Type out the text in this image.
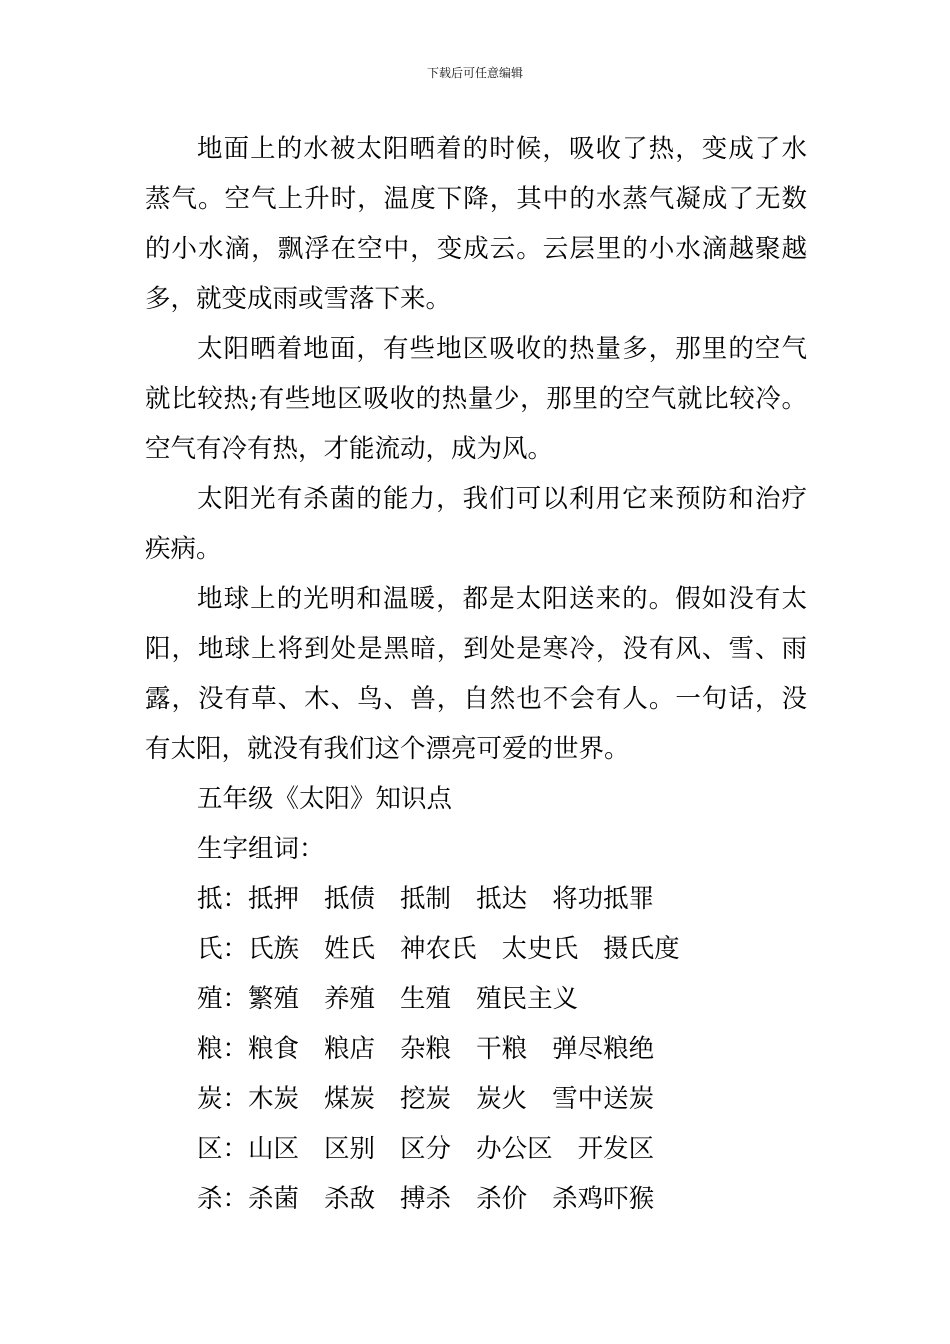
下载后可任意编辑

地面上的水被太阳晒着的时候，吸收了热，变成了水蒸气。空气上升时，温度下降，其中的水蒸气凝成了无数的小水滴，飘浮在空中，变成云。云层里的小水滴越聚越多，就变成雨或雪落下来。

太阳晒着地面，有些地区吸收的热量多，那里的空气就比较热;有些地区吸收的热量少，那里的空气就比较冷。空气有冷有热，才能流动，成为风。

太阳光有杀菌的能力，我们可以利用它来预防和治疗疾病。

地球上的光明和温暖，都是太阳送来的。假如没有太阳，地球上将到处是黑暗，到处是寒冷，没有风、雪、雨露，没有草、木、鸟、兽，自然也不会有人。一句话，没有太阳，就没有我们这个漂亮可爱的世界。

五年级《太阳》知识点

生字组词：

抵：抵押 抵债 抵制 抵达 将功抵罪

氏：氏族 姓氏 神农氏 太史氏 摄氏度

殖：繁殖 养殖 生殖 殖民主义

粮：粮食 粮店 杂粮 干粮 弹尽粮绝

炭：木炭 煤炭 挖炭 炭火 雪中送炭

区：山区 区别 区分 办公区 开发区

杀：杀菌 杀敌 搏杀 杀价 杀鸡吓猴
